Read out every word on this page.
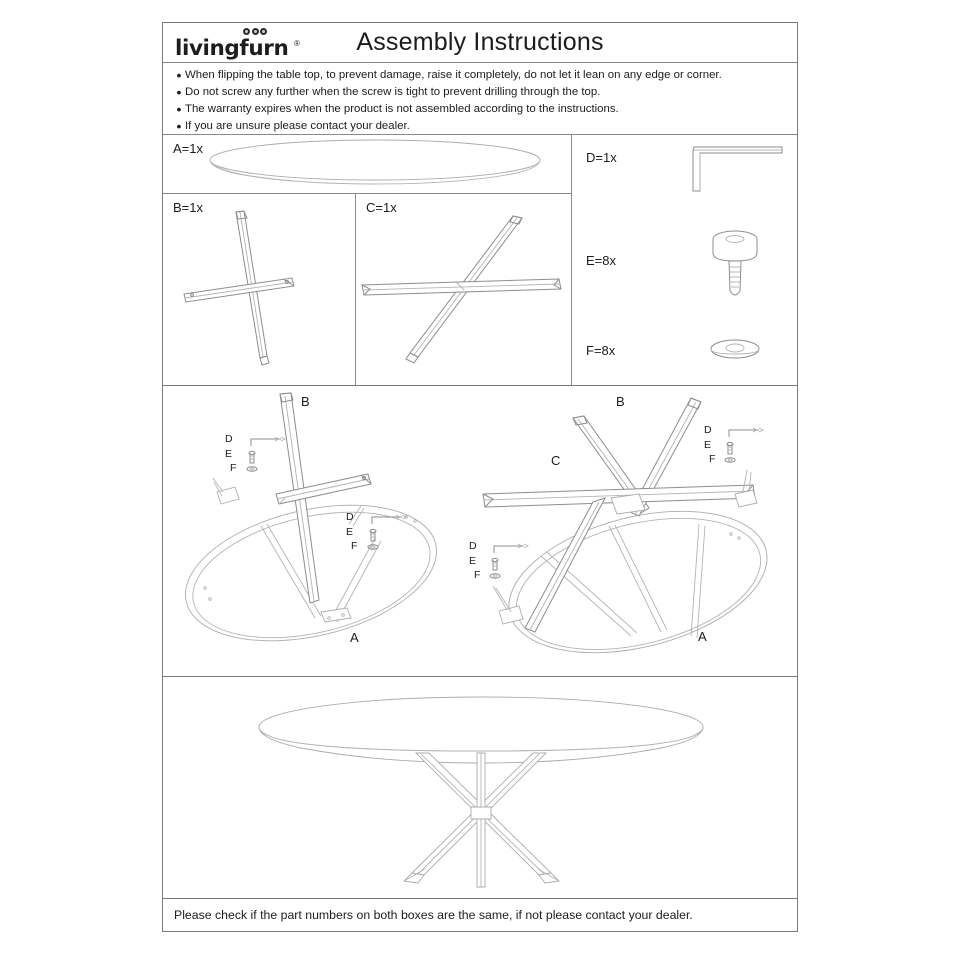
livingfurn ®	Assembly Instructions
• When flipping the table top, to prevent damage, raise it completely, do not let it lean on any edge or corner.
• Do not screw any further when the screw is tight to prevent drilling through the top.
• The warranty expires when the product is not assembled according to the instructions.
• If you are unsure please contact your dealer.
A=1x
B=1x	C=1x
D=1x
E=8x
F=8x
B
A
D
E
F
D
E
F
B
C
A
D
E
F
D
E
F
Please check if the part numbers on both boxes are the same, if not please contact your dealer.
